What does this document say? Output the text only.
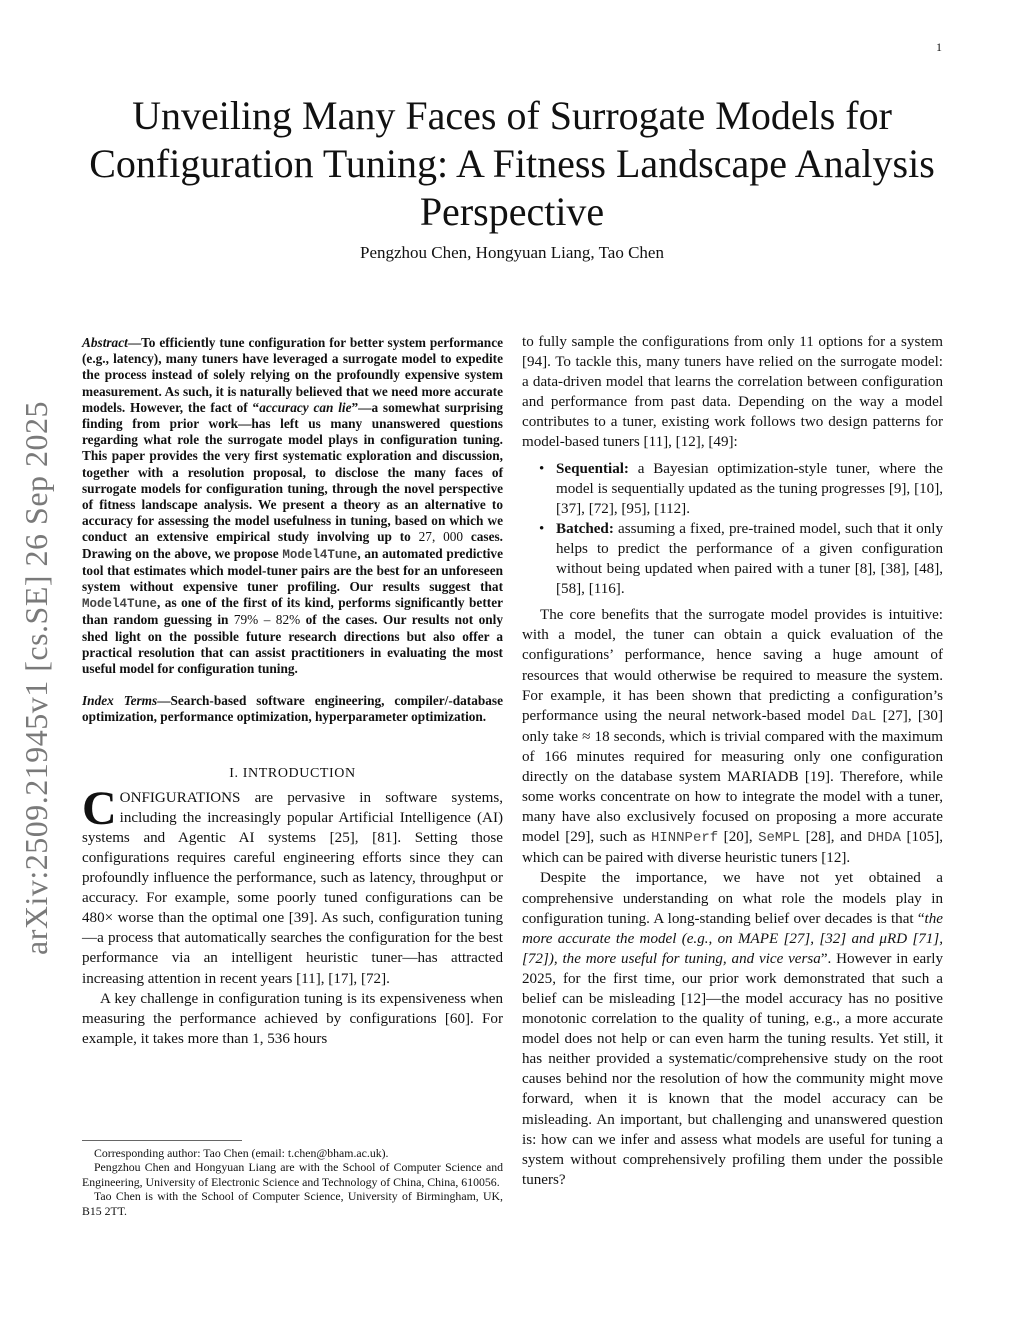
1
arXiv:2509.21945v1 [cs.SE] 26 Sep 2025
Unveiling Many Faces of Surrogate Models for Configuration Tuning: A Fitness Landscape Analysis Perspective
Pengzhou Chen, Hongyuan Liang, Tao Chen

Abstract—To efficiently tune configuration for better system performance (e.g., latency), many tuners have leveraged a surrogate model to expedite the process instead of solely relying on the profoundly expensive system measurement. As such, it is naturally believed that we need more accurate models. However, the fact of “accuracy can lie”—a somewhat surprising finding from prior work—has left us many unanswered questions regarding what role the surrogate model plays in configuration tuning. This paper provides the very first systematic exploration and discussion, together with a resolution proposal, to disclose the many faces of surrogate models for configuration tuning, through the novel perspective of fitness landscape analysis. We present a theory as an alternative to accuracy for assessing the model usefulness in tuning, based on which we conduct an extensive empirical study involving up to 27, 000 cases. Drawing on the above, we propose Model4Tune, an automated predictive tool that estimates which model-tuner pairs are the best for an unforeseen system without expensive tuner profiling. Our results suggest that Model4Tune, as one of the first of its kind, performs significantly better than random guessing in 79% – 82% of the cases. Our results not only shed light on the possible future research directions but also offer a practical resolution that can assist practitioners in evaluating the most useful model for configuration tuning.

Index Terms—Search-based software engineering, compiler/-database optimization, performance optimization, hyperparameter optimization.

I. INTRODUCTION

CONFIGURATIONS are pervasive in software systems, including the increasingly popular Artificial Intelligence (AI) systems and Agentic AI systems [25], [81]. Setting those configurations requires careful engineering efforts since they can profoundly influence the performance, such as latency, throughput or accuracy. For example, some poorly tuned configurations can be 480× worse than the optimal one [39]. As such, configuration tuning—a process that automatically searches the configuration for the best performance via an intelligent heuristic tuner—has attracted increasing attention in recent years [11], [17], [72].

A key challenge in configuration tuning is its expensiveness when measuring the performance achieved by configurations [60]. For example, it takes more than 1, 536 hours

Corresponding author: Tao Chen (email: t.chen@bham.ac.uk).

Pengzhou Chen and Hongyuan Liang are with the School of Computer Science and Engineering, University of Electronic Science and Technology of China, China, 610056.

Tao Chen is with the School of Computer Science, University of Birmingham, UK, B15 2TT.

to fully sample the configurations from only 11 options for a system [94]. To tackle this, many tuners have relied on the surrogate model: a data-driven model that learns the correlation between configuration and performance from past data. Depending on the way a model contributes to a tuner, existing work follows two design patterns for model-based tuners [11], [12], [49]:

• Sequential: a Bayesian optimization-style tuner, where the model is sequentially updated as the tuning progresses [9], [10], [37], [72], [95], [112].
• Batched: assuming a fixed, pre-trained model, such that it only helps to predict the performance of a given configuration without being updated when paired with a tuner [8], [38], [48], [58], [116].

The core benefits that the surrogate model provides is intuitive: with a model, the tuner can obtain a quick evaluation of the configurations’ performance, hence saving a huge amount of resources that would otherwise be required to measure the system. For example, it has been shown that predicting a configuration’s performance using the neural network-based model DaL [27], [30] only take ≈ 18 seconds, which is trivial compared with the maximum of 166 minutes required for measuring only one configuration directly on the database system MARIADB [19]. Therefore, while some works concentrate on how to integrate the model with a tuner, many have also exclusively focused on proposing a more accurate model [29], such as HINNPerf [20], SeMPL [28], and DHDA [105], which can be paired with diverse heuristic tuners [12].

Despite the importance, we have not yet obtained a comprehensive understanding on what role the models play in configuration tuning. A long-standing belief over decades is that “the more accurate the model (e.g., on MAPE [27], [32] and μRD [71], [72]), the more useful for tuning, and vice versa”. However in early 2025, for the first time, our prior work demonstrated that such a belief can be misleading [12]—the model accuracy has no positive monotonic correlation to the quality of tuning, e.g., a more accurate model does not help or can even harm the tuning results. Yet still, it has neither provided a systematic/comprehensive study on the root causes behind nor the resolution of how the community might move forward, when it is known that the model accuracy can be misleading. An important, but challenging and unanswered question is: how can we infer and assess what models are useful for tuning a system without comprehensively profiling them under the possible tuners?
